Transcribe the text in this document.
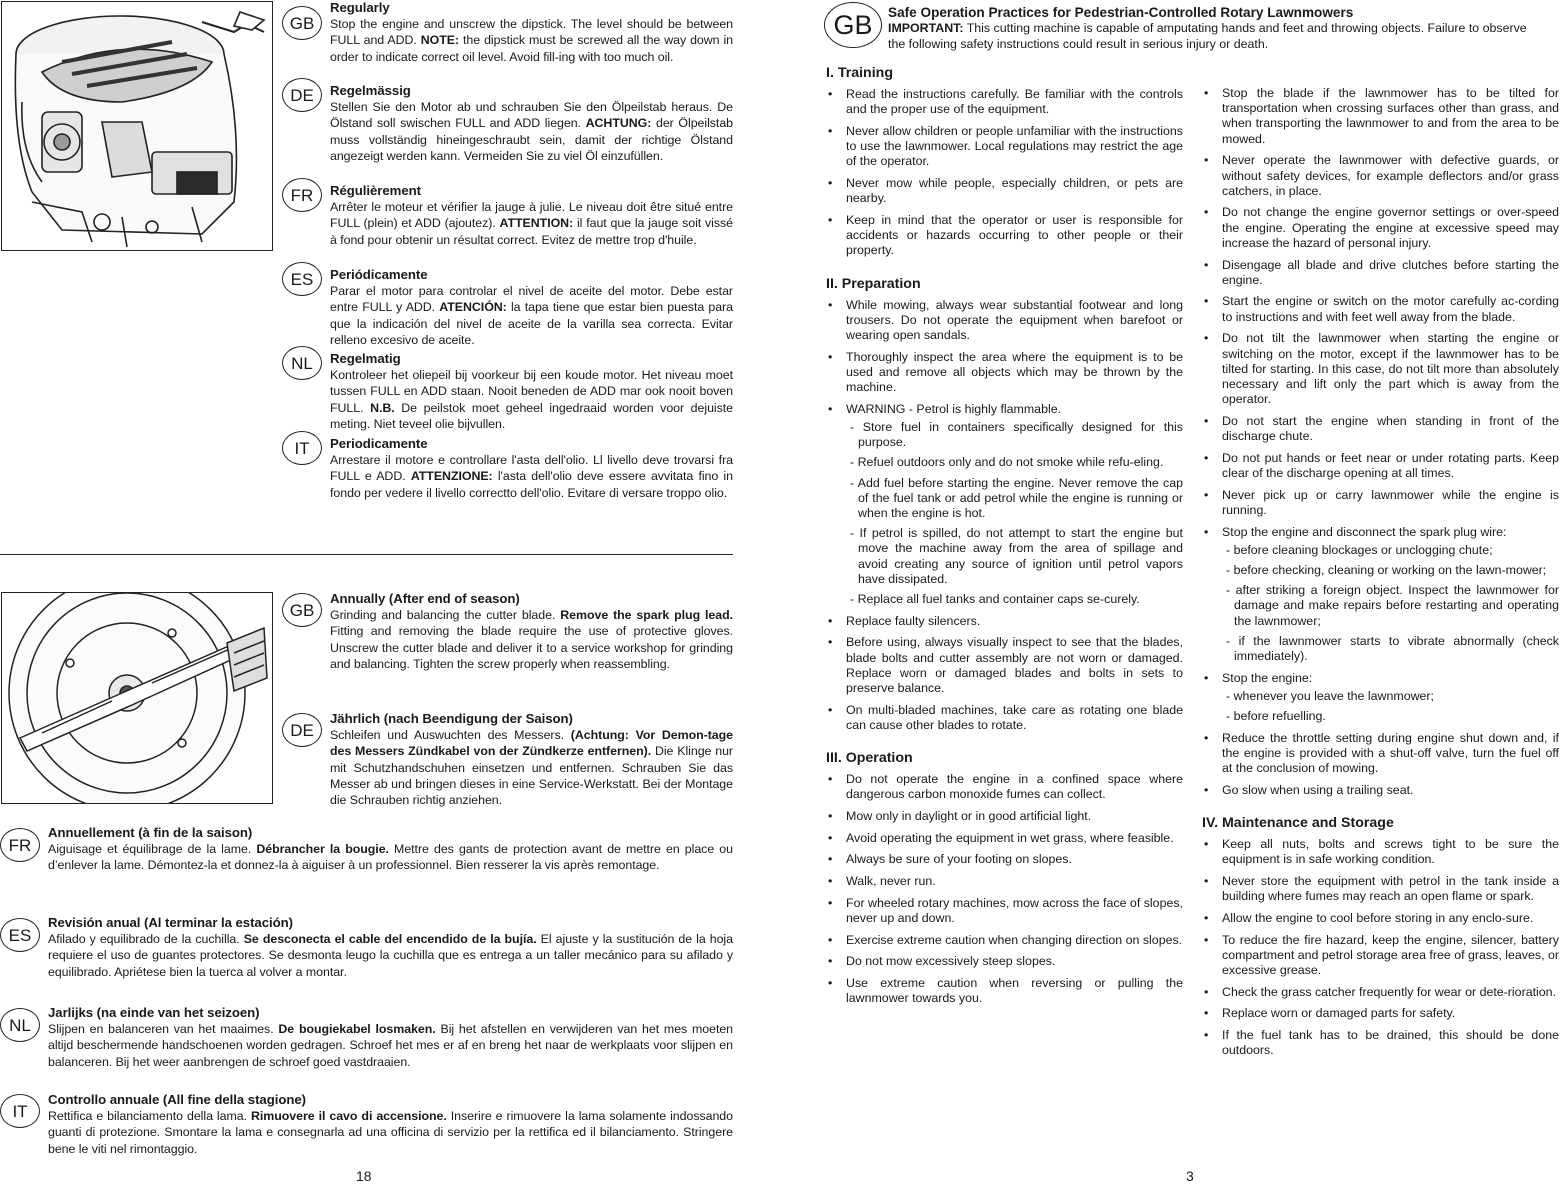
GB
Regularly
Stop the engine and unscrew the dipstick. The level should be between FULL and ADD. NOTE: the dipstick must be screwed all the way down in order to indicate correct oil level. Avoid fill-ing with too much oil.
DE Regelmässig
Stellen Sie den Motor ab und schrauben Sie den Ölpeilstab heraus. De Ölstand soll swischen FULL and ADD liegen. ACHTUNG: der Ölpeilstab muss vollständig hineingeschraubt sein, damit der richtige Ölstand angezeigt werden kann. Vermeiden Sie zu viel Öl einzufüllen.
FR Régulièrement
Arrêter le moteur et vérifier la jauge à julie. Le niveau doit être situé entre FULL (plein) et ADD (ajoutez). ATTENTION: il faut que la jauge soit vissé à fond pour obtenir un résultat correct. Evitez de mettre trop d'huile.
ES Periódicamente
Parar el motor para controlar el nivel de aceite del motor. Debe estar entre FULL y ADD. ATENCIÓN: la tapa tiene que estar bien puesta para que la indicación del nivel de aceite de la varilla sea correcta. Evitar relleno excesivo de aceite.
NL Regelmatig
Kontroleer het oliepeil bij voorkeur bij een koude motor. Het niveau moet tussen FULL en ADD staan. Nooit beneden de ADD mar ook nooit boven FULL. N.B. De peilstok moet geheel ingedraaid worden voor dejuiste meting. Niet teveel olie bijvullen.
IT Periodicamente
Arrestare il motore e controllare l'asta dell'olio. Ll livello deve trovarsi fra FULL e ADD. ATTENZIONE: l'asta dell'olio deve essere avvitata fino in fondo per vedere il livello correctto dell'olio. Evitare di versare troppo olio.
GB
Annually (After end of season)
Grinding and balancing the cutter blade. Remove the spark plug lead. Fitting and removing the blade require the use of protective gloves. Unscrew the cutter blade and deliver it to a service workshop for grinding and balancing. Tighten the screw properly when reassembling.
DE
Jährlich (nach Beendigung der Saison)
Schleifen und Auswuchten des Messers. (Achtung: Vor Demon-tage des Messers Zündkabel von der Zündkerze entfernen). Die Klinge nur mit Schutzhandschuhen einsetzen und entfernen. Schrauben Sie das Messer ab und bringen dieses in eine Service-Werkstatt. Bei der Montage die Schrauben richtig anziehen.
FR
Annuellement (à fin de la saison)
Aiguisage et équilibrage de la lame. Débrancher la bougie. Mettre des gants de protection avant de mettre en place ou d’enlever la lame. Démontez-la et donnez-la à aiguiser à un professionnel. Bien resserer la vis après remontage.
ES
Revisión anual (Al terminar la estación)
Afilado y equilibrado de la cuchilla. Se desconecta el cable del encendido de la bujía. El ajuste y la sustitución de la hoja requiere el uso de guantes protectores. Se desmonta leugo la cuchilla que es entrega a un taller mecánico para su afilado y equilibrado. Apriétese bien la tuerca al volver a montar.
NL
Jarlijks (na einde van het seizoen)
Slijpen en balanceren van het maaimes. De bougiekabel losmaken. Bij het afstellen en verwijderen van het mes moeten altijd beschermende handschoenen worden gedragen. Schroef het mes er af en breng het naar de werkplaats voor slijpen en balanceren. Bij het weer aanbrengen de schroef goed vastdraaien.
IT
Controllo annuale (All fine della stagione)
Rettifica e bilanciamento della lama. Rimuovere il cavo di accensione. Inserire e rimuovere la lama solamente indossando guanti di protezione. Smontare la lama e consegnarla ad una officina di servizio per la rettifica ed il bilanciamento. Stringere bene le viti nel rimontaggio.
18
GB Safe Operation Practices for Pedestrian-Controlled Rotary Lawnmowers
IMPORTANT: This cutting machine is capable of amputating hands and feet and throwing objects. Failure to observe the following safety instructions could result in serious injury or death.
I. Training
• Read the instructions carefully. Be familiar with the controls and the proper use of the equipment.
• Never allow children or people unfamiliar with the instructions to use the lawnmower. Local regulations may restrict the age of the operator.
• Never mow while people, especially children, or pets are nearby.
• Keep in mind that the operator or user is responsible for accidents or hazards occurring to other people or their property.
II. Preparation
• While mowing, always wear substantial footwear and long trousers. Do not operate the equipment when barefoot or wearing open sandals.
• Thoroughly inspect the area where the equipment is to be used and remove all objects which may be thrown by the machine.
• WARNING - Petrol is highly flammable.
- Store fuel in containers specifically designed for this purpose.
- Refuel outdoors only and do not smoke while refu-eling.
- Add fuel before starting the engine. Never remove the cap of the fuel tank or add petrol while the engine is running or when the engine is hot.
- If petrol is spilled, do not attempt to start the engine but move the machine away from the area of spillage and avoid creating any source of ignition until petrol vapors have dissipated.
- Replace all fuel tanks and container caps se-curely.
• Replace faulty silencers.
• Before using, always visually inspect to see that the blades, blade bolts and cutter assembly are not worn or damaged. Replace worn or damaged blades and bolts in sets to preserve balance.
• On multi-bladed machines, take care as rotating one blade can cause other blades to rotate.
III. Operation
• Do not operate the engine in a confined space where dangerous carbon monoxide fumes can collect.
• Mow only in daylight or in good artificial light.
• Avoid operating the equipment in wet grass, where feasible.
• Always be sure of your footing on slopes.
• Walk, never run.
• For wheeled rotary machines, mow across the face of slopes, never up and down.
• Exercise extreme caution when changing direction on slopes.
• Do not mow excessively steep slopes.
• Use extreme caution when reversing or pulling the lawnmower towards you.
• Stop the blade if the lawnmower has to be tilted for transportation when crossing surfaces other than grass, and when transporting the lawnmower to and from the area to be mowed.
• Never operate the lawnmower with defective guards, or without safety devices, for example deflectors and/or grass catchers, in place.
• Do not change the engine governor settings or over-speed the engine. Operating the engine at excessive speed may increase the hazard of personal injury.
• Disengage all blade and drive clutches before starting the engine.
• Start the engine or switch on the motor carefully ac-cording to instructions and with feet well away from the blade.
• Do not tilt the lawnmower when starting the engine or switching on the motor, except if the lawnmower has to be tilted for starting. In this case, do not tilt more than absolutely necessary and lift only the part which is away from the operator.
• Do not start the engine when standing in front of the discharge chute.
• Do not put hands or feet near or under rotating parts. Keep clear of the discharge opening at all times.
• Never pick up or carry lawnmower while the engine is running.
• Stop the engine and disconnect the spark plug wire:
- before cleaning blockages or unclogging chute;
- before checking, cleaning or working on the lawn-mower;
- after striking a foreign object. Inspect the lawnmower for damage and make repairs before restarting and operating the lawnmower;
- if the lawnmower starts to vibrate abnormally (check immediately).
• Stop the engine:
- whenever you leave the lawnmower;
- before refuelling.
• Reduce the throttle setting during engine shut down and, if the engine is provided with a shut-off valve, turn the fuel off at the conclusion of mowing.
• Go slow when using a trailing seat.
IV. Maintenance and Storage
• Keep all nuts, bolts and screws tight to be sure the equipment is in safe working condition.
• Never store the equipment with petrol in the tank inside a building where fumes may reach an open flame or spark.
• Allow the engine to cool before storing in any enclo-sure.
• To reduce the fire hazard, keep the engine, silencer, battery compartment and petrol storage area free of grass, leaves, or excessive grease.
• Check the grass catcher frequently for wear or dete-rioration.
• Replace worn or damaged parts for safety.
• If the fuel tank has to be drained, this should be done outdoors.
3
